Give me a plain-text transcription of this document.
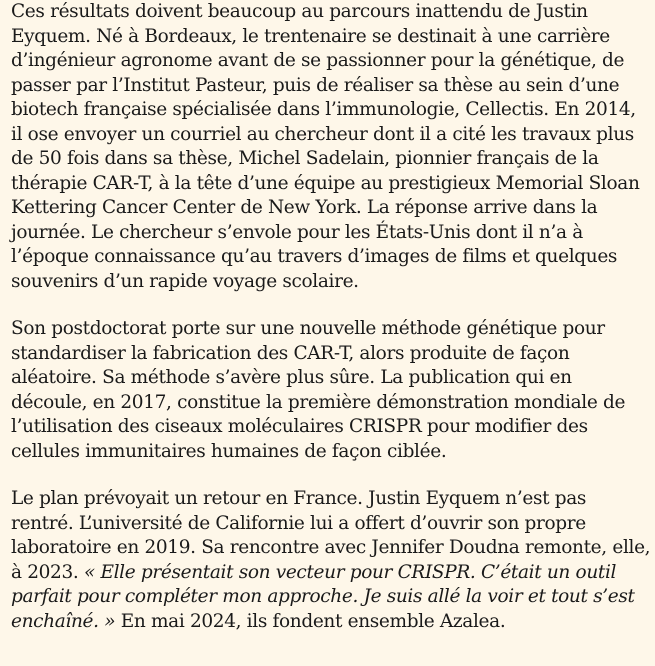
Ces résultats doivent beaucoup au parcours inattendu de Justin Eyquem. Né à Bordeaux, le trentenaire se destinait à une carrière d’ingénieur agronome avant de se passionner pour la génétique, de passer par l’Institut Pasteur, puis de réaliser sa thèse au sein d’une biotech française spécialisée dans l’immunologie, Cellectis. En 2014, il ose envoyer un courriel au chercheur dont il a cité les travaux plus de 50 fois dans sa thèse, Michel Sadelain, pionnier français de la thérapie CAR-T, à la tête d’une équipe au prestigieux Memorial Sloan Kettering Cancer Center de New York. La réponse arrive dans la journée. Le chercheur s’envole pour les États-Unis dont il n’a à l’époque connaissance qu’au travers d’images de films et quelques souvenirs d’un rapide voyage scolaire.

Son postdoctorat porte sur une nouvelle méthode génétique pour standardiser la fabrication des CAR-T, alors produite de façon aléatoire. Sa méthode s’avère plus sûre. La publication qui en découle, en 2017, constitue la première démonstration mondiale de l’utilisation des ciseaux moléculaires CRISPR pour modifier des cellules immunitaires humaines de façon ciblée.

Le plan prévoyait un retour en France. Justin Eyquem n’est pas rentré. L’université de Californie lui a offert d’ouvrir son propre laboratoire en 2019. Sa rencontre avec Jennifer Doudna remonte, elle, à 2023. « Elle présentait son vecteur pour CRISPR. C’était un outil parfait pour compléter mon approche. Je suis allé la voir et tout s’est enchaîné. » En mai 2024, ils fondent ensemble Azalea.
